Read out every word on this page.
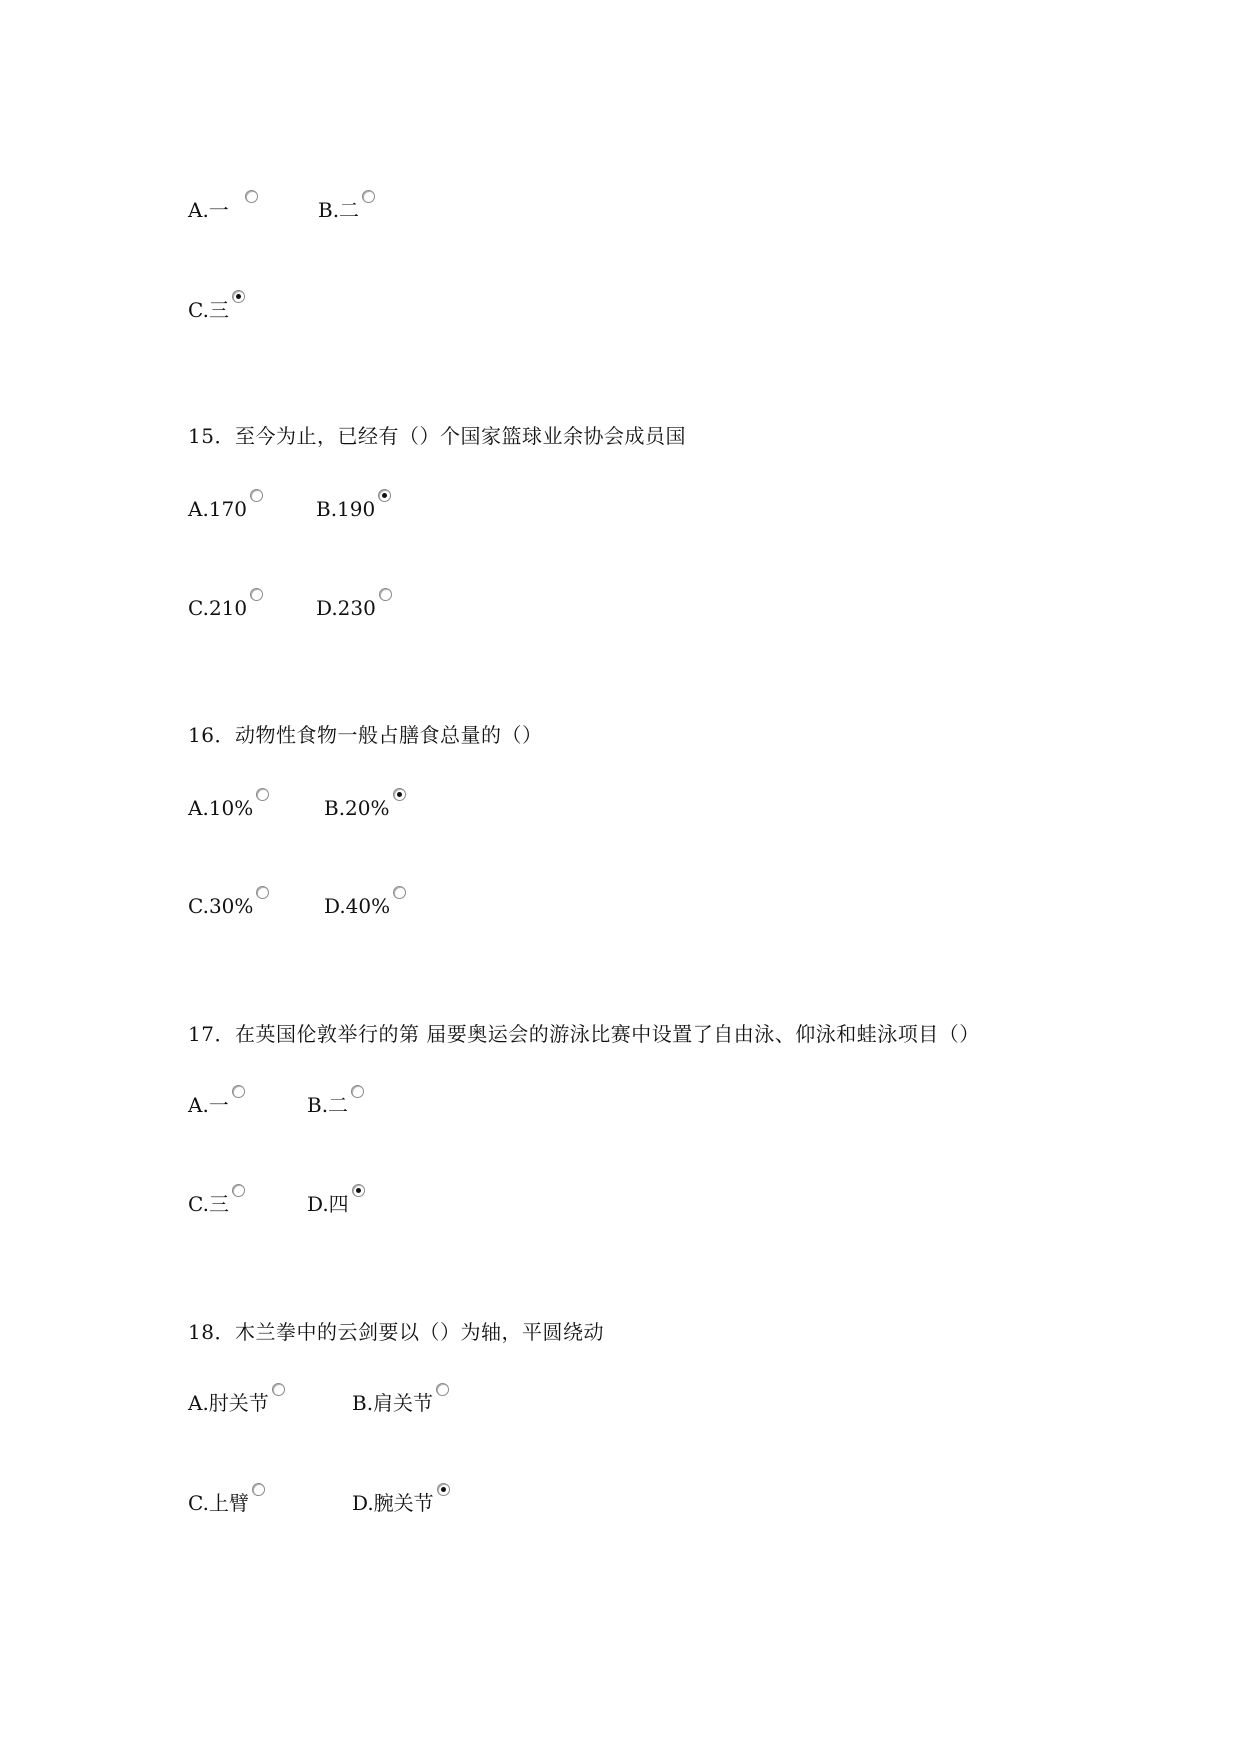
A.一	B.二
C.三
15．至今为止，已经有（）个国家篮球业余协会成员国
A.170	B.190
C.210	D.230
16．动物性食物一般占膳食总量的（）
A.10%	B.20%
C.30%	D.40%
17．在英国伦敦举行的第 届要奥运会的游泳比赛中设置了自由泳、仰泳和蛙泳项目（）
A.一	B.二
C.三	D.四
18．木兰拳中的云剑要以（）为轴，平圆绕动
A.肘关节	B.肩关节
C.上臂	D.腕关节
